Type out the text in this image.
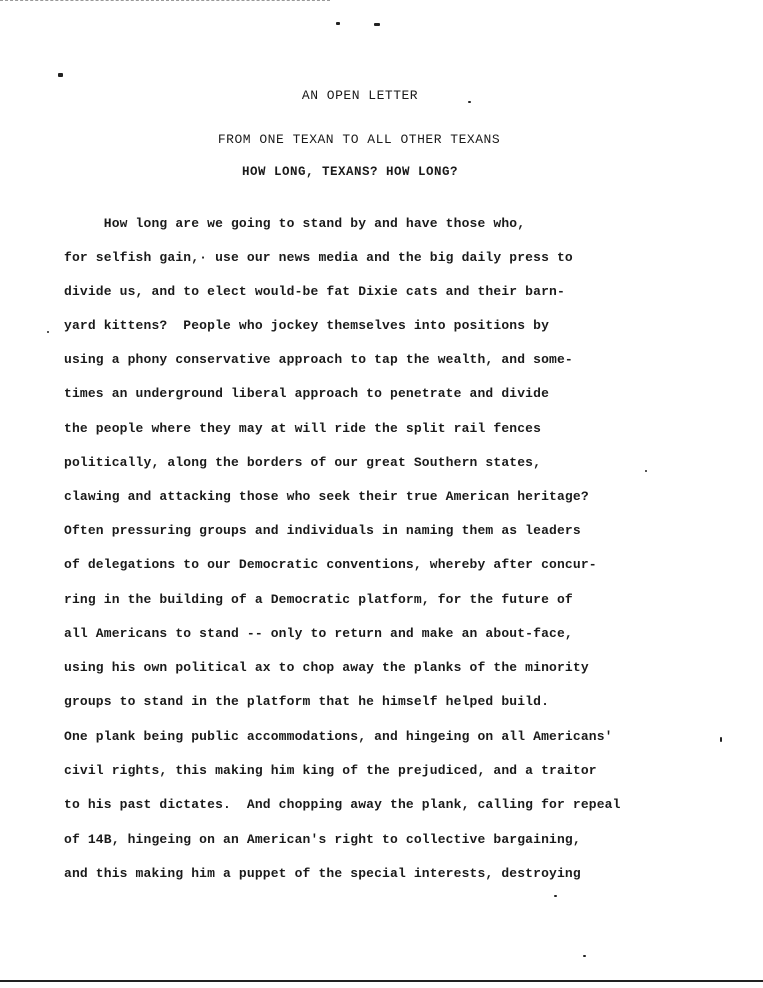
AN OPEN LETTER
FROM ONE TEXAN TO ALL OTHER TEXANS
HOW LONG, TEXANS? HOW LONG?
How long are we going to stand by and have those who,
for selfish gain,· use our news media and the big daily press to
divide us, and to elect would-be fat Dixie cats and their barn-
yard kittens?  People who jockey themselves into positions by
using a phony conservative approach to tap the wealth, and some-
times an underground liberal approach to penetrate and divide
the people where they may at will ride the split rail fences
politically, along the borders of our great Southern states,
clawing and attacking those who seek their true American heritage?
Often pressuring groups and individuals in naming them as leaders
of delegations to our Democratic conventions, whereby after concur-
ring in the building of a Democratic platform, for the future of
all Americans to stand -- only to return and make an about-face,
using his own political ax to chop away the planks of the minority
groups to stand in the platform that he himself helped build.
One plank being public accommodations, and hingeing on all Americans'
civil rights, this making him king of the prejudiced, and a traitor
to his past dictates.  And chopping away the plank, calling for repeal
of 14B, hingeing on an American's right to collective bargaining,
and this making him a puppet of the special interests, destroying
